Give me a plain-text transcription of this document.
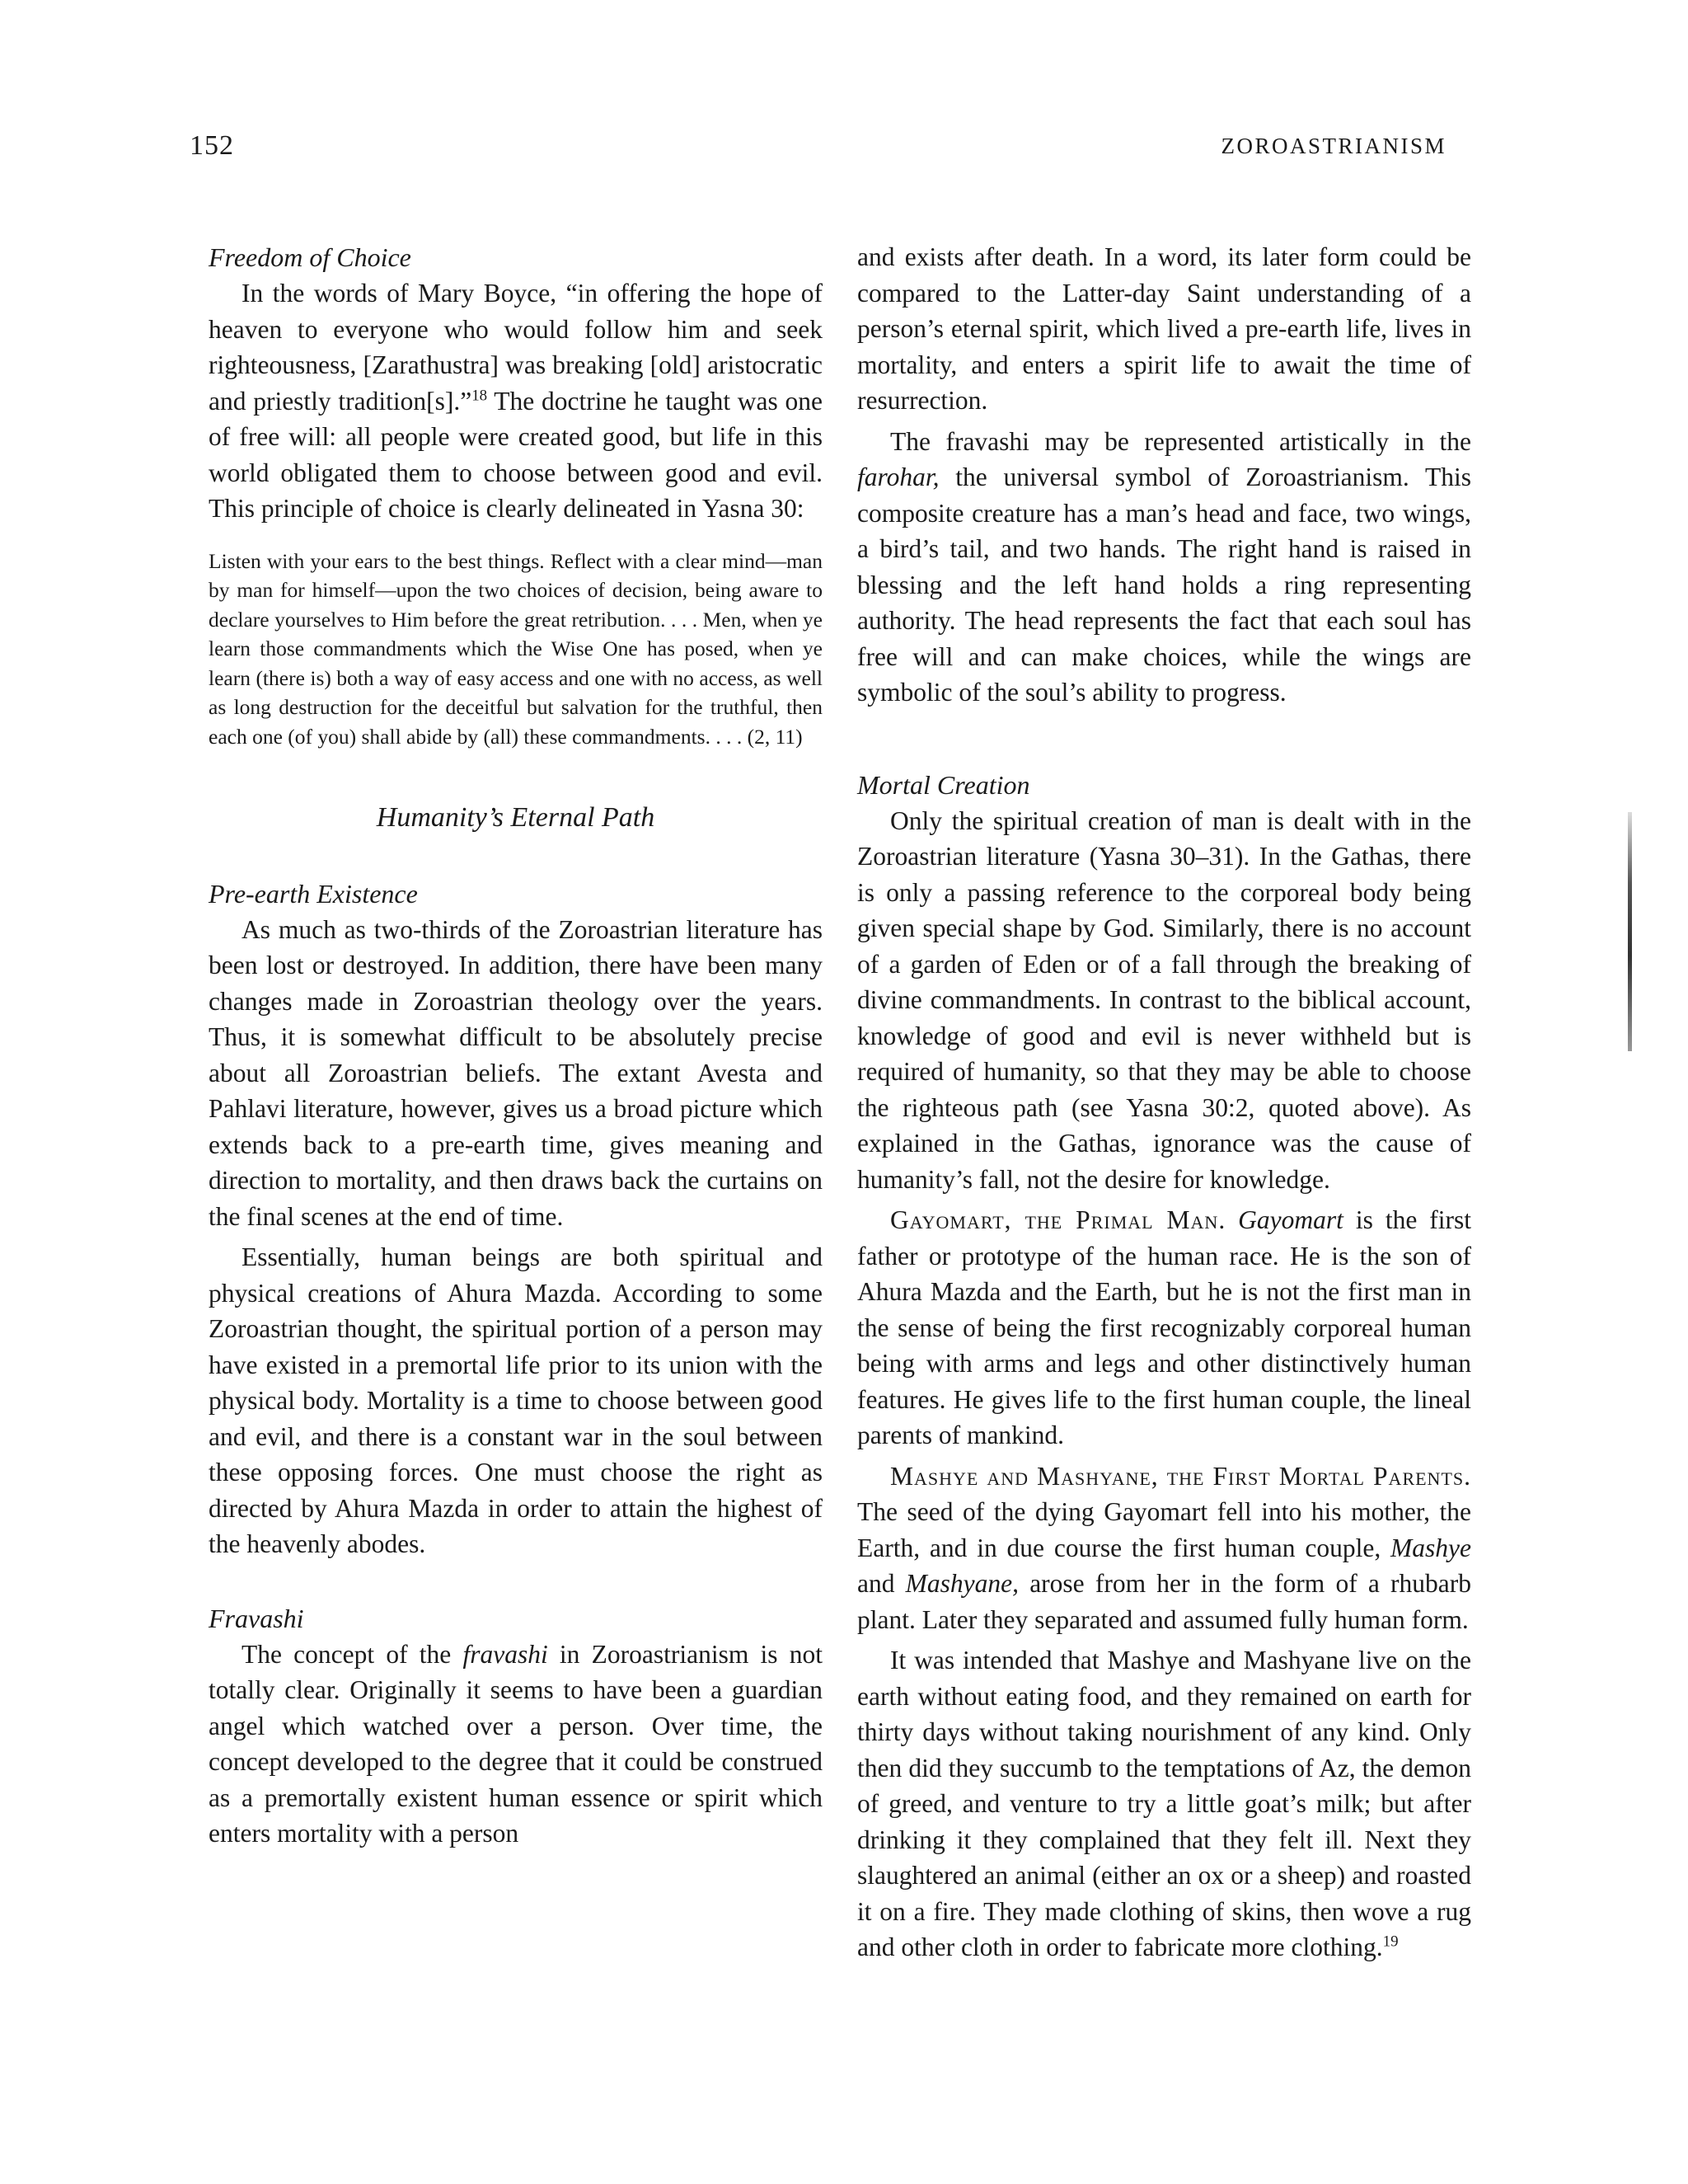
152	ZOROASTRIANISM
Freedom of Choice

In the words of Mary Boyce, “in offering the hope of heaven to everyone who would follow him and seek righteousness, [Zarathustra] was breaking [old] aristocratic and priestly tradition[s].”$^{18}$ The doctrine he taught was one of free will: all people were created good, but life in this world obligated them to choose between good and evil. This principle of choice is clearly delineated in Yasna 30:

Listen with your ears to the best things. Reflect with a clear mind—man by man for himself—upon the two choices of decision, being aware to declare yourselves to Him before the great retribution. . . . Men, when ye learn those commandments which the Wise One has posed, when ye learn (there is) both a way of easy access and one with no access, as well as long destruction for the deceitful but salvation for the truthful, then each one (of you) shall abide by (all) these commandments. . . . (2, 11)
Humanity’s Eternal Path
Pre-earth Existence

As much as two-thirds of the Zoroastrian literature has been lost or destroyed. In addition, there have been many changes made in Zoroastrian theology over the years. Thus, it is somewhat difficult to be absolutely precise about all Zoroastrian beliefs. The extant Avesta and Pahlavi literature, however, gives us a broad picture which extends back to a pre-earth time, gives meaning and direction to mortality, and then draws back the curtains on the final scenes at the end of time.

Essentially, human beings are both spiritual and physical creations of Ahura Mazda. According to some Zoroastrian thought, the spiritual portion of a person may have existed in a premortal life prior to its union with the physical body. Mortality is a time to choose between good and evil, and there is a constant war in the soul between these opposing forces. One must choose the right as directed by Ahura Mazda in order to attain the highest of the heavenly abodes.

Fravashi

The concept of the fravashi in Zoroastrianism is not totally clear. Originally it seems to have been a guardian angel which watched over a person. Over time, the concept developed to the degree that it could be construed as a premortally existent human essence or spirit which enters mortality with a person

and exists after death. In a word, its later form could be compared to the Latter-day Saint understanding of a person’s eternal spirit, which lived a pre-earth life, lives in mortality, and enters a spirit life to await the time of resurrection.

The fravashi may be represented artistically in the farohar, the universal symbol of Zoroastrianism. This composite creature has a man’s head and face, two wings, a bird’s tail, and two hands. The right hand is raised in blessing and the left hand holds a ring representing authority. The head represents the fact that each soul has free will and can make choices, while the wings are symbolic of the soul’s ability to progress.

Mortal Creation

Only the spiritual creation of man is dealt with in the Zoroastrian literature (Yasna 30–31). In the Gathas, there is only a passing reference to the corporeal body being given special shape by God. Similarly, there is no account of a garden of Eden or of a fall through the breaking of divine commandments. In contrast to the biblical account, knowledge of good and evil is never withheld but is required of humanity, so that they may be able to choose the righteous path (see Yasna 30:2, quoted above). As explained in the Gathas, ignorance was the cause of humanity’s fall, not the desire for knowledge.

Gayomart, the Primal Man. Gayomart is the first father or prototype of the human race. He is the son of Ahura Mazda and the Earth, but he is not the first man in the sense of being the first recognizably corporeal human being with arms and legs and other distinctively human features. He gives life to the first human couple, the lineal parents of mankind.

Mashye and Mashyane, the First Mortal Parents. The seed of the dying Gayomart fell into his mother, the Earth, and in due course the first human couple, Mashye and Mashyane, arose from her in the form of a rhubarb plant. Later they separated and assumed fully human form.

It was intended that Mashye and Mashyane live on the earth without eating food, and they remained on earth for thirty days without taking nourishment of any kind. Only then did they succumb to the temptations of Az, the demon of greed, and venture to try a little goat’s milk; but after drinking it they complained that they felt ill. Next they slaughtered an animal (either an ox or a sheep) and roasted it on a fire. They made clothing of skins, then wove a rug and other cloth in order to fabricate more clothing.$^{19}$
